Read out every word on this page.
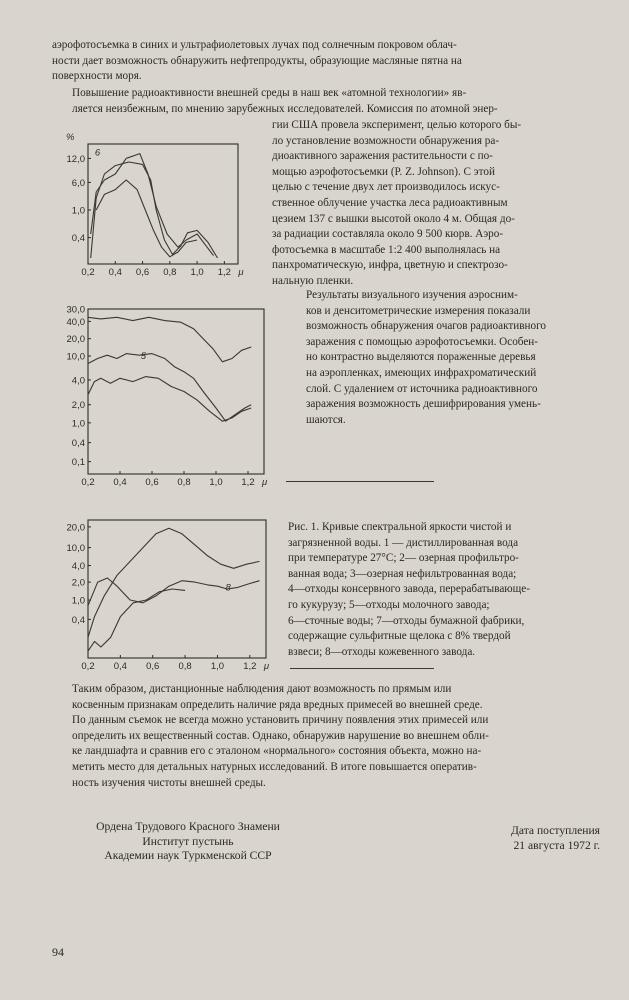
аэрофотосъемка в синих и ультрафиолетовых лучах под солнечным покровом облач-
ности дает возможность обнаружить нефтепродукты, образующие масляные пятна на
поверхности моря.
Повышение радиоактивности внешней среды в наш век «атомной технологии» яв-
ляется неизбежным, по мнению зарубежных исследователей. Комиссия по атомной энер-
гии США провела эксперимент, целью которого бы-
ло установление возможности обнаружения ра-
диоактивного заражения растительности с по-
мощью аэрофотосъемки (P. Z. Johnson). С этой
целью с течение двух лет производилось искус-
ственное облучение участка леса радиоактивным
цезием 137 с вышки высотой около 4 м. Общая до-
за радиации составляла около 9 500 кюрв. Аэро-
фотосъемка в масштабе 1:2 400 выполнялась на
панхроматическую, инфра, цветную и спектрозо-
нальную пленки.
Результаты визуального изучения аэросним-
ков и денситометрические измерения показали
возможность обнаружения очагов радиоактивного
заражения с помощью аэрофотосъемки. Особен-
но контрастно выделяются пораженные деревья
на аэропленках, имеющих инфрахроматический
слой. С удалением от источника радиоактивного
заражения возможность дешифрирования умень-
шаются.
Рис. 1. Кривые спектральной яркости чистой и
загрязненной воды. 1 — дистиллированная вода
при температуре 27°С; 2— озерная профильтро-
ванная вода; 3—озерная нефильтрованная вода;
4—отходы консервного завода, перерабатывающе-
го кукурузу; 5—отходы молочного завода;
6—сточные воды; 7—отходы бумажной фабрики,
содержащие сульфитные щелока с 8% твердой
взвеси; 8—отходы кожевенного завода.
Таким образом, дистанционные наблюдения дают возможность по прямым или
косвенным признакам определить наличие ряда вредных примесей во внешней среде.
По данным съемок не всегда можно установить причину появления этих примесей или
определить их вещественный состав. Однако, обнаружив нарушение во внешнем обли-
ке ландшафта и сравнив его с эталоном «нормального» состояния объекта, можно на-
метить место для детальных натурных исследований. В итоге повышается оператив-
ность изучения чистоты внешней среды.
Ордена Трудового Красного Знамени
Институт пустынь
Академии наук Туркменской ССР
Дата поступления
21 августа 1972 г.
94
0,2 0,4 0,6 0,8 1,0 1,2 μ
12,0
6,0
1,0
0,4
%
6
0,2 0,4 0,6 0,8 1,0 1,2 μ
30,0
40,0
20,0
10,0
4,0
2,0
1,0
0,4
0,1
5
0,2 0,4 0,6 0,8 1,0 1,2 μ
20,0
10,0
4,0
2,0
1,0
0,4
8
